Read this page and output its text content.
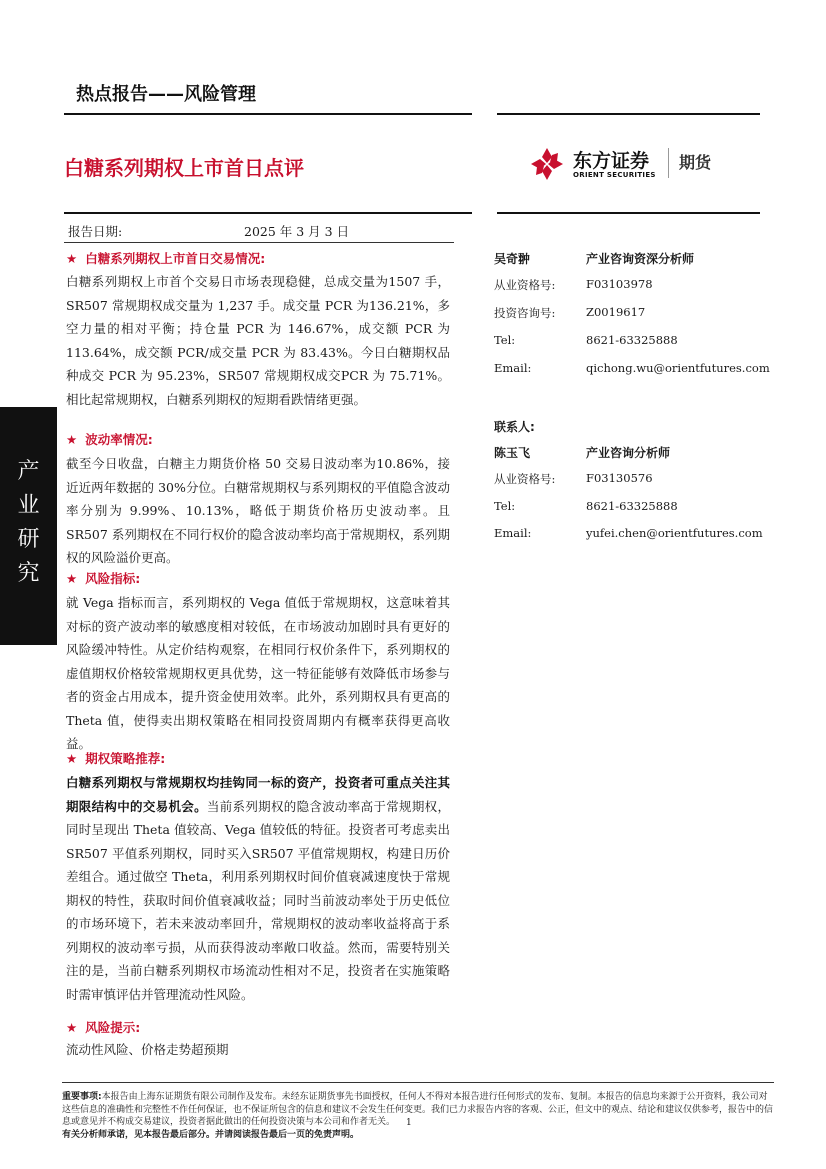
产
业
研
究
热点报告——风险管理
白糖系列期权上市首日点评	东方证券
ORIENT SECURITIES
期货
报告日期:	2025 年 3 月 3 日
★ 白糖系列期权上市首日交易情况:
白糖系列期权上市首个交易日市场表现稳健，总成交量为1507 手，SR507 常规期权成交量为 1,237 手。成交量 PCR 为136.21%，多空力量的相对平衡；持仓量 PCR 为 146.67%，成交额 PCR 为 113.64%，成交额 PCR/成交量 PCR 为 83.43%。今日白糖期权品种成交 PCR 为 95.23%，SR507 常规期权成交PCR 为 75.71%。相比起常规期权，白糖系列期权的短期看跌情绪更强。
★ 波动率情况:
截至今日收盘，白糖主力期货价格 50 交易日波动率为10.86%，接近近两年数据的 30%分位。白糖常规期权与系列期权的平值隐含波动率分别为 9.99%、10.13%，略低于期货价格历史波动率。且 SR507 系列期权在不同行权价的隐含波动率均高于常规期权，系列期权的风险溢价更高。
★ 风险指标:
就 Vega 指标而言，系列期权的 Vega 值低于常规期权，这意味着其对标的资产波动率的敏感度相对较低，在市场波动加剧时具有更好的风险缓冲特性。从定价结构观察，在相同行权价条件下，系列期权的虚值期权价格较常规期权更具优势，这一特征能够有效降低市场参与者的资金占用成本，提升资金使用效率。此外，系列期权具有更高的 Theta 值，使得卖出期权策略在相同投资周期内有概率获得更高收益。
★ 期权策略推荐:
白糖系列期权与常规期权均挂钩同一标的资产，投资者可重点关注其期限结构中的交易机会。当前系列期权的隐含波动率高于常规期权，同时呈现出 Theta 值较高、Vega 值较低的特征。投资者可考虑卖出 SR507 平值系列期权，同时买入SR507 平值常规期权，构建日历价差组合。通过做空 Theta，利用系列期权时间价值衰减速度快于常规期权的特性，获取时间价值衰减收益；同时当前波动率处于历史低位的市场环境下，若未来波动率回升，常规期权的波动率收益将高于系列期权的波动率亏损，从而获得波动率敞口收益。然而，需要特别关注的是，当前白糖系列期权市场流动性相对不足，投资者在实施策略时需审慎评估并管理流动性风险。
★ 风险提示:
流动性风险、价格走势超预期
吴奇翀	产业咨询资深分析师
从业资格号:	F03103978
投资咨询号:	Z0019617
Tel:	8621-63325888
Email:	qichong.wu@orientfutures.com
联系人:
陈玉飞	产业咨询分析师
从业资格号:	F03130576
Tel:	8621-63325888
Email:	yufei.chen@orientfutures.com
重要事项:本报告由上海东证期货有限公司制作及发布。未经东证期货事先书面授权，任何人不得对本报告进行任何形式的发布、复制。本报告的信息均来源于公开资料，我公司对这些信息的准确性和完整性不作任何保证，也不保证所包含的信息和建议不会发生任何变更。我们已力求报告内容的客观、公正，但文中的观点、结论和建议仅供参考，报告中的信息或意见并不构成交易建议，投资者据此做出的任何投资决策与本公司和作者无关。
有关分析师承诺，见本报告最后部分。并请阅读报告最后一页的免责声明。
1
